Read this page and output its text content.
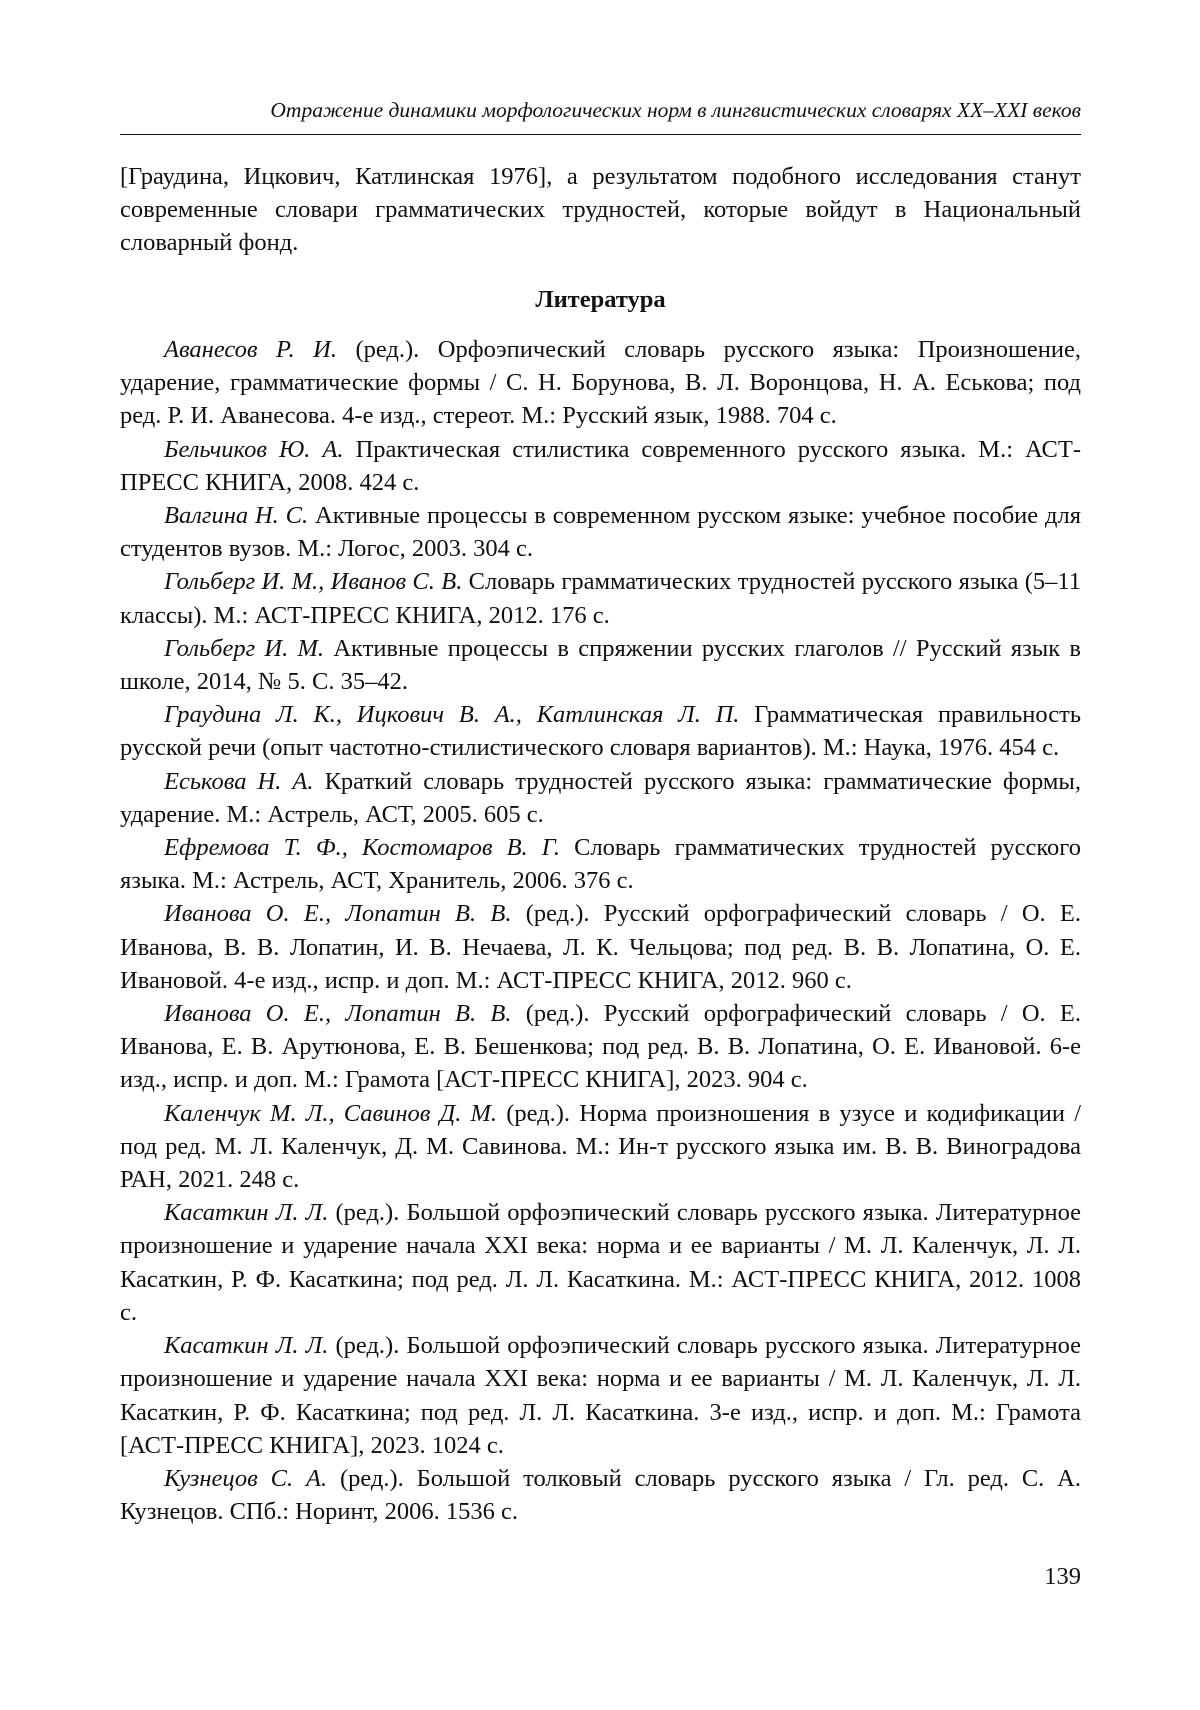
Отражение динамики морфологических норм в лингвистических словарях XX–XXI веков

[Граудина, Ицкович, Катлинская 1976], а результатом подобного исследования станут современные словари грамматических трудностей, которые войдут в Национальный словарный фонд.

Литература

Аванесов Р. И. (ред.). Орфоэпический словарь русского языка: Произношение, ударение, грамматические формы / С. Н. Борунова, В. Л. Воронцова, Н. А. Еськова; под ред. Р. И. Аванесова. 4-е изд., стереот. М.: Русский язык, 1988. 704 с.

Бельчиков Ю. А. Практическая стилистика современного русского языка. М.: АСТ-ПРЕСС КНИГА, 2008. 424 с.

Валгина Н. С. Активные процессы в современном русском языке: учебное пособие для студентов вузов. М.: Логос, 2003. 304 с.

Гольберг И. М., Иванов С. В. Словарь грамматических трудностей русского языка (5–11 классы). М.: АСТ-ПРЕСС КНИГА, 2012. 176 с.

Гольберг И. М. Активные процессы в спряжении русских глаголов // Русский язык в школе, 2014, № 5. С. 35–42.

Граудина Л. К., Ицкович В. А., Катлинская Л. П. Грамматическая правильность русской речи (опыт частотно-стилистического словаря вариантов). М.: Наука, 1976. 454 с.

Еськова Н. А. Краткий словарь трудностей русского языка: грамматические формы, ударение. М.: Астрель, АСТ, 2005. 605 с.

Ефремова Т. Ф., Костомаров В. Г. Словарь грамматических трудностей русского языка. М.: Астрель, АСТ, Хранитель, 2006. 376 с.

Иванова О. Е., Лопатин В. В. (ред.). Русский орфографический словарь / О. Е. Иванова, В. В. Лопатин, И. В. Нечаева, Л. К. Чельцова; под ред. В. В. Лопатина, О. Е. Ивановой. 4-е изд., испр. и доп. М.: АСТ-ПРЕСС КНИГА, 2012. 960 с.

Иванова О. Е., Лопатин В. В. (ред.). Русский орфографический словарь / О. Е. Иванова, Е. В. Арутюнова, Е. В. Бешенкова; под ред. В. В. Лопатина, О. Е. Ивановой. 6-е изд., испр. и доп. М.: Грамота [АСТ-ПРЕСС КНИГА], 2023. 904 с.

Каленчук М. Л., Савинов Д. М. (ред.). Норма произношения в узусе и кодификации / под ред. М. Л. Каленчук, Д. М. Савинова. М.: Ин-т русского языка им. В. В. Виноградова РАН, 2021. 248 с.

Касаткин Л. Л. (ред.). Большой орфоэпический словарь русского языка. Литературное произношение и ударение начала XXI века: норма и ее варианты / М. Л. Каленчук, Л. Л. Касаткин, Р. Ф. Касаткина; под ред. Л. Л. Касаткина. М.: АСТ-ПРЕСС КНИГА, 2012. 1008 с.

Касаткин Л. Л. (ред.). Большой орфоэпический словарь русского языка. Литературное произношение и ударение начала XXI века: норма и ее варианты / М. Л. Каленчук, Л. Л. Касаткин, Р. Ф. Касаткина; под ред. Л. Л. Касаткина. 3-е изд., испр. и доп. М.: Грамота [АСТ-ПРЕСС КНИГА], 2023. 1024 с.

Кузнецов С. А. (ред.). Большой толковый словарь русского языка / Гл. ред. С. А. Кузнецов. СПб.: Норинт, 2006. 1536 с.

139
